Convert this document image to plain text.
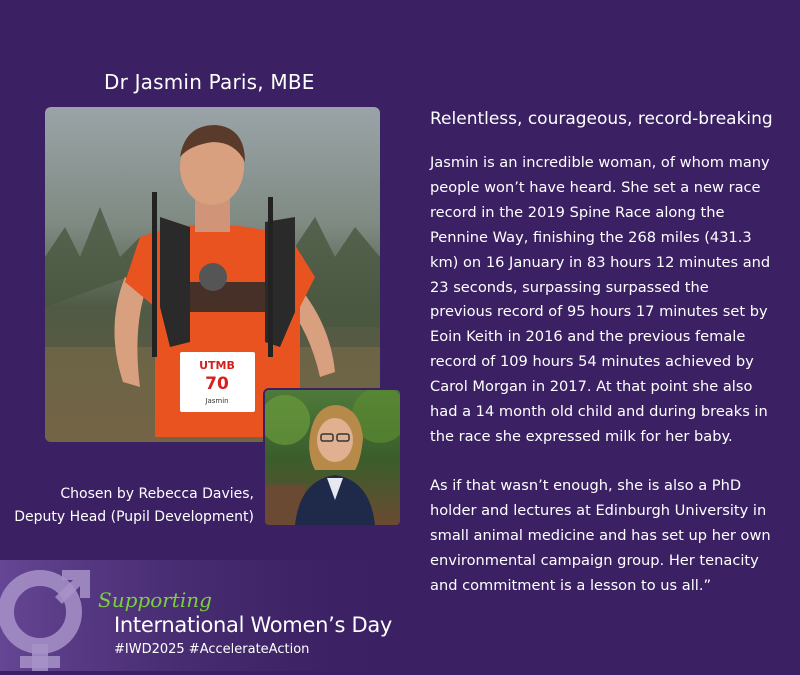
Dr Jasmin Paris, MBE
UTMB
70
Jasmin
Chosen by Rebecca Davies,
Deputy Head (Pupil Development)
Relentless, courageous, record-breaking

Jasmin is an incredible woman, of whom many people won’t have heard. She set a new race record in the 2019 Spine Race along the Pennine Way, finishing the 268 miles (431.3 km) on 16 January in 83 hours 12 minutes and 23 seconds, surpassing surpassed the previous record of 95 hours 17 minutes set by Eoin Keith in 2016 and the previous female record of 109 hours 54 minutes achieved by Carol Morgan in 2017. At that point she also had a 14 month old child and during breaks in the race she expressed milk for her baby.

As if that wasn’t enough, she is also a PhD holder and lectures at Edinburgh University in small animal medicine and has set up her own environmental campaign group. Her tenacity and commitment is a lesson to us all.”

Supporting
International Women’s Day
#IWD2025 #AccelerateAction
